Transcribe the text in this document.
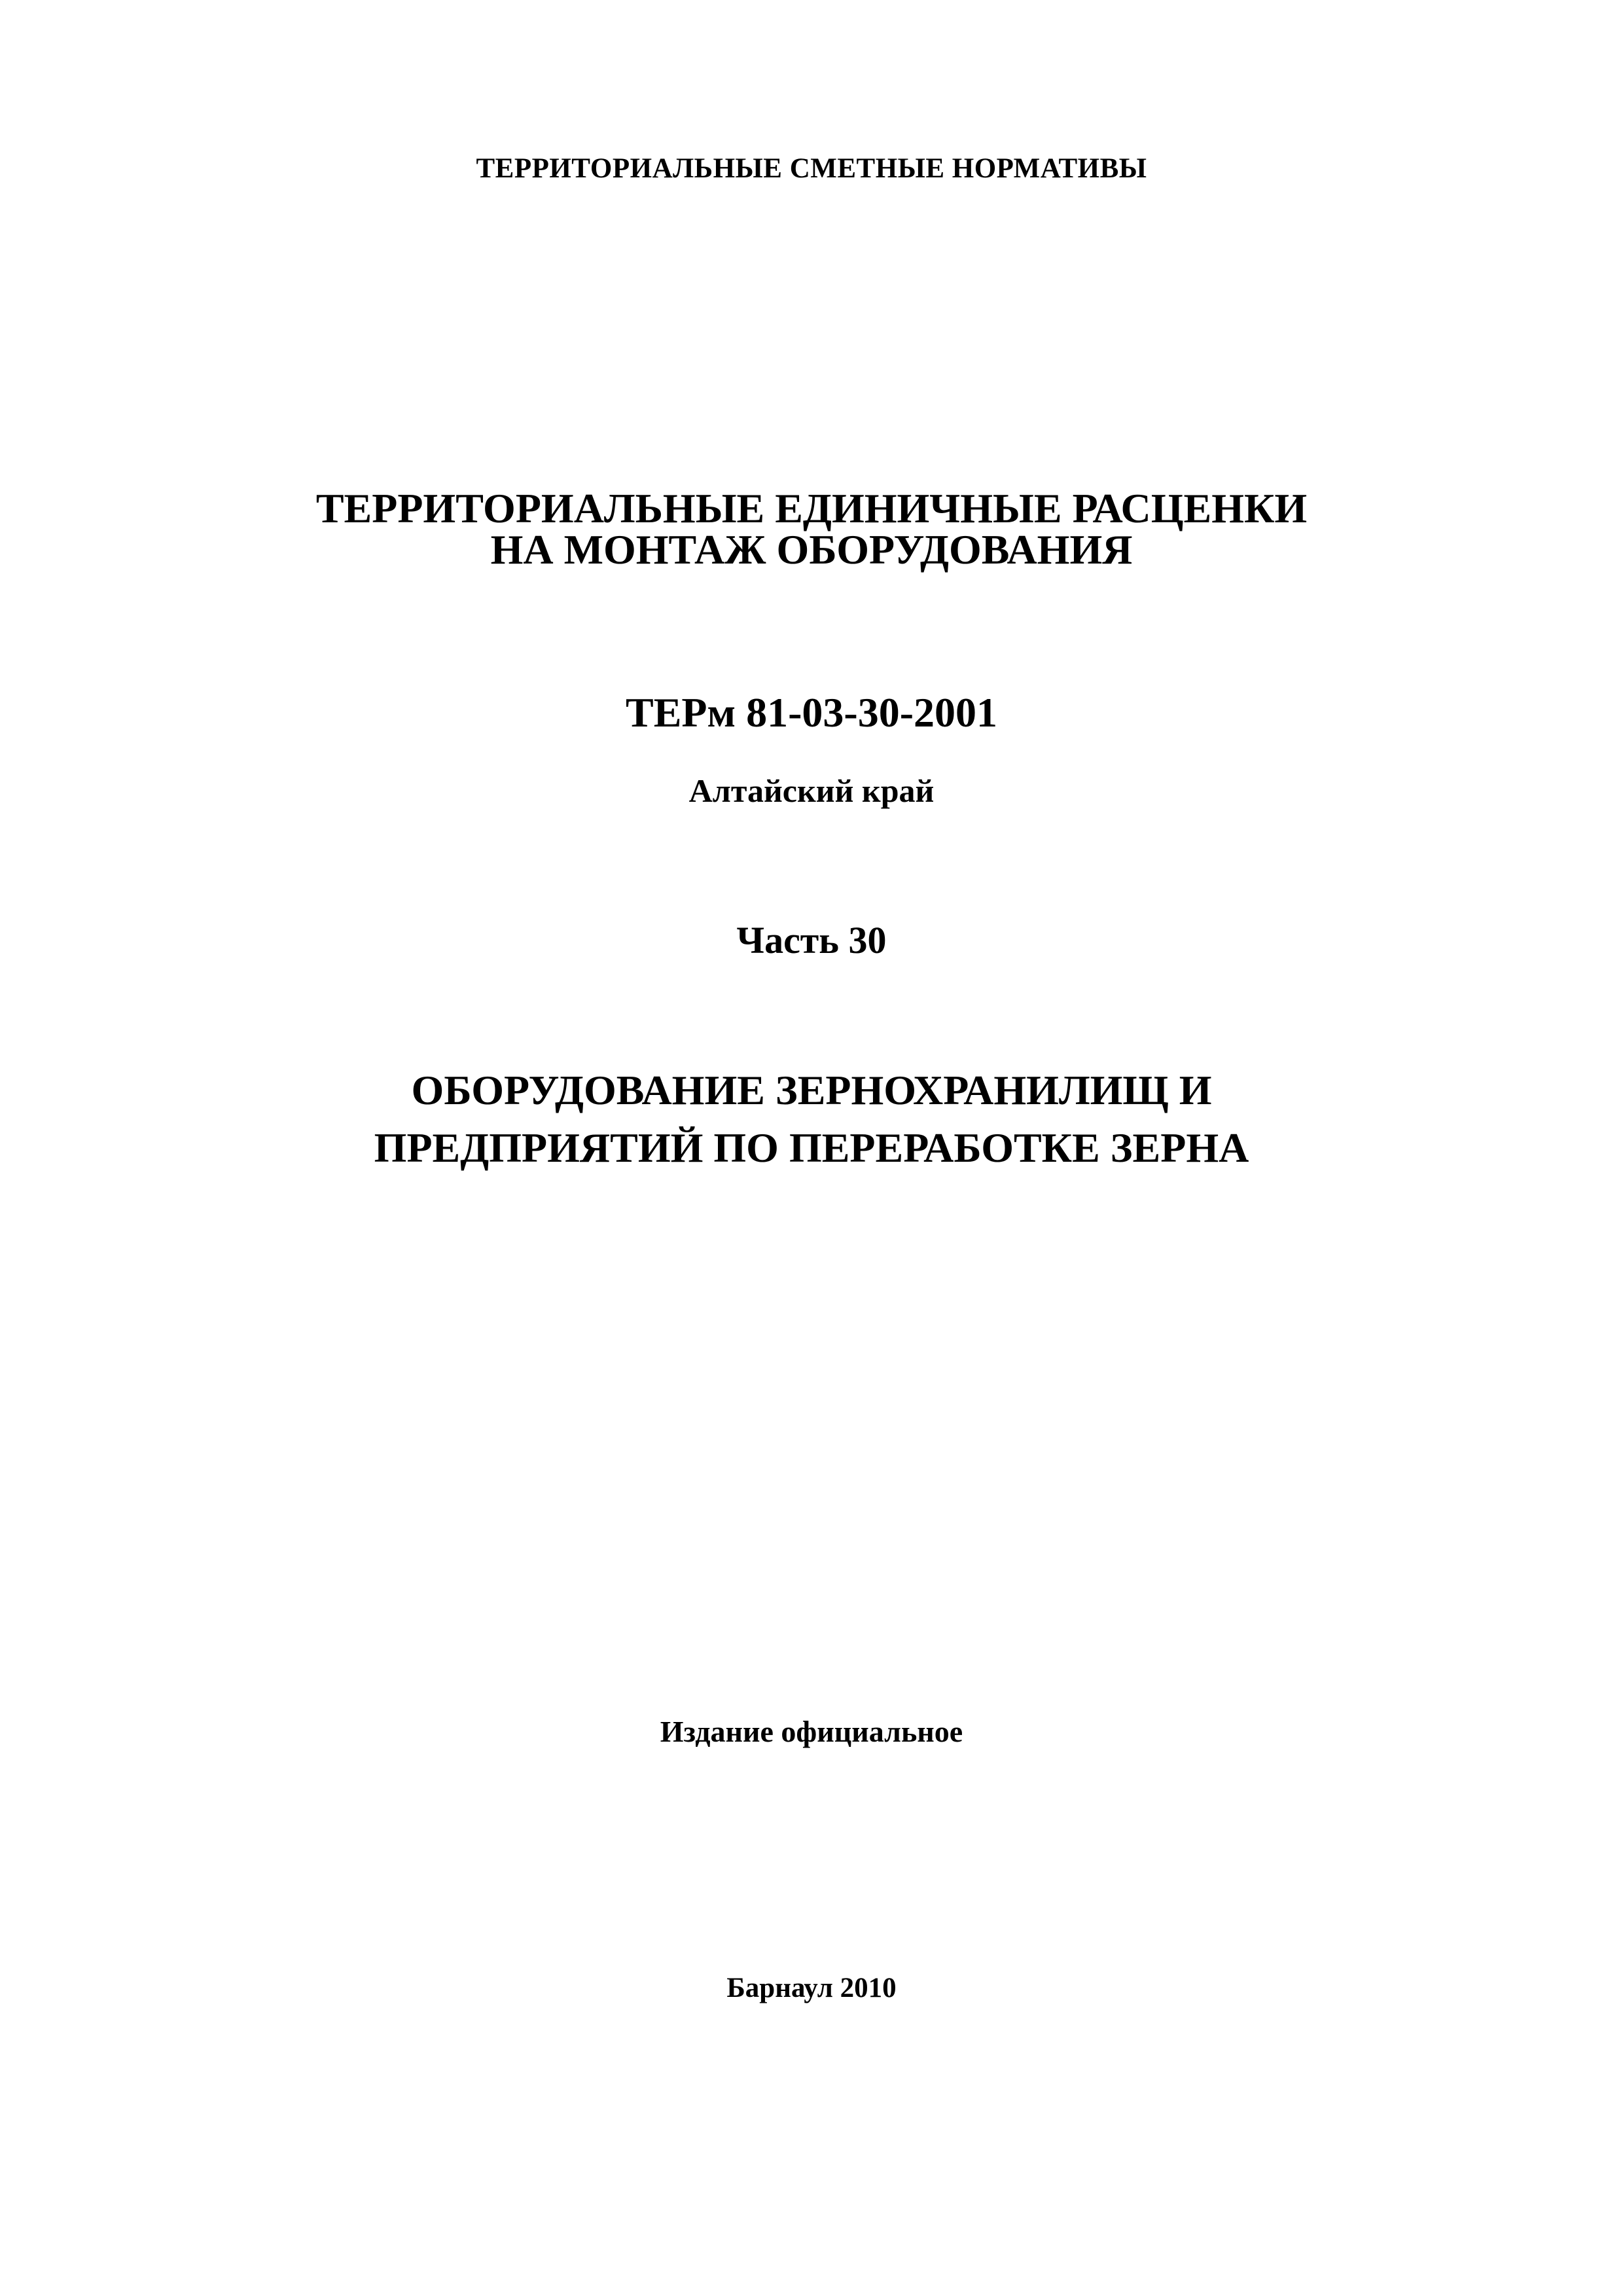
ТЕРРИТОРИАЛЬНЫЕ СМЕТНЫЕ НОРМАТИВЫ
ТЕРРИТОРИАЛЬНЫЕ ЕДИНИЧНЫЕ РАСЦЕНКИ
НА МОНТАЖ ОБОРУДОВАНИЯ
ТЕРм 81-03-30-2001
Алтайский край
Часть 30
ОБОРУДОВАНИЕ ЗЕРНОХРАНИЛИЩ И
ПРЕДПРИЯТИЙ ПО ПЕРЕРАБОТКЕ ЗЕРНА
Издание официальное
Барнаул 2010
